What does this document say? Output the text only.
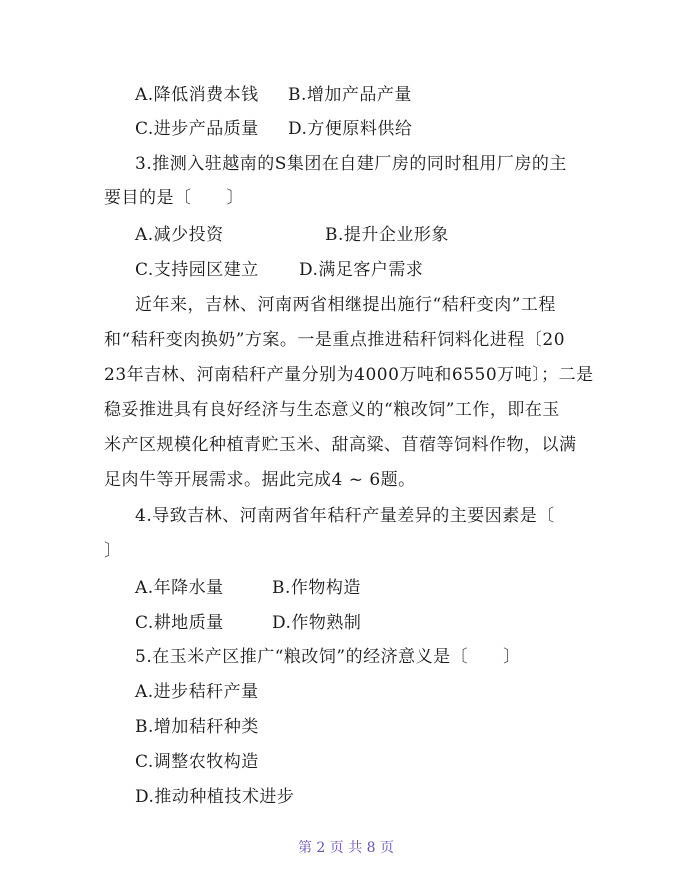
A.降低消费本钱 B.增加产品产量
C.进步产品质量 D.方便原料供给
3.推测入驻越南的S集团在自建厂房的同时租用厂房的主
要目的是〔　　〕
A.减少投资	B.提升企业形象
C.支持园区建立 D.满足客户需求
近年来，吉林、河南两省相继提出施行“秸秆变肉”工程
和“秸秆变肉换奶”方案。一是重点推进秸秆饲料化进程〔20
23年吉林、河南秸秆产量分别为4000万吨和6550万吨〕；二是
稳妥推进具有良好经济与生态意义的“粮改饲”工作，即在玉
米产区规模化种植青贮玉米、甜高粱、苜蓿等饲料作物，以满
足肉牛等开展需求。据此完成4 ~ 6题。
4.导致吉林、河南两省年秸秆产量差异的主要因素是〔
〕
A.年降水量	B.作物构造
C.耕地质量	D.作物熟制
5.在玉米产区推广“粮改饲”的经济意义是〔　　〕
A.进步秸秆产量
B.增加秸秆种类
C.调整农牧构造
D.推动种植技术进步
第 2 页 共 8 页
